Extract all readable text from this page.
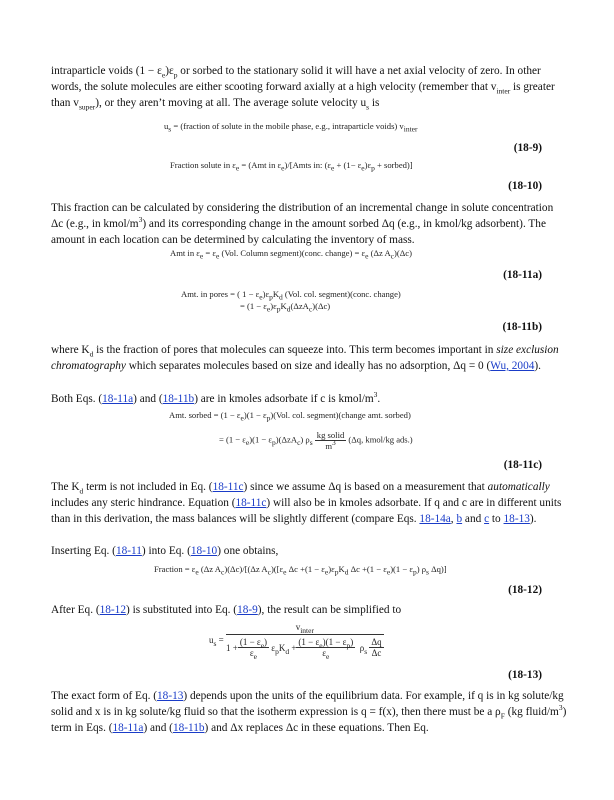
intraparticle voids $(1 - \varepsilon_e)\varepsilon_p$ or sorbed to the stationary solid it will have a net axial velocity of zero. In other words, the solute molecules are either scooting forward axially at a high velocity (remember that $v_{inter}$ is greater than $v_{super}$), or they aren’t moving at all. The average solute velocity $u_s$ is
$u_s$ = (fraction of solute in the mobile phase, e.g., intraparticle voids) $v_{inter}$
(18-9)
Fraction solute in $\varepsilon_e = (Amt$ in $\varepsilon_e)/[Amts$ in: ($\varepsilon_e + (1- \varepsilon_e)\varepsilon_p$ + sorbed)]
(18-10)
This fraction can be calculated by considering the distribution of an incremental change in solute concentration Δc (e.g., in kmol/$m^3$) and its corresponding change in the amount sorbed Δq (e.g., in kmol/kg adsorbent). The amount in each location can be determined by calculating the inventory of mass.
Amt in $\varepsilon_e = \varepsilon_e$ (Vol. Column segment)(conc. change) = $\varepsilon_e$ (Δz $A_c)(\Delta c)$
(18-11a)
Amt. in pores = ( $1 - \varepsilon_e)\varepsilon_pK_d$ (Vol. col. segment)(conc. change)
= $(1 - \varepsilon_e)\varepsilon_pK_d(\Delta zA_c)(\Delta c)$
(18-11b)
where $K_d$ is the fraction of pores that molecules can squeeze into. This term becomes important in size exclusion chromatography which separates molecules based on size and ideally has no adsorption, Δq = 0 (Wu, 2004).
Both Eqs. (18-11a) and (18-11b) are in kmoles adsorbate if c is kmol/$m^3$.
Amt. sorbed = $(1 - \varepsilon_e)(1 - \varepsilon_p)(Vol$. col. segment)(change amt. sorbed)
= $(1 - \varepsilon_e)(1 - \varepsilon_p)(\Delta zA_c)$ $\rho_s \frac{\text{kg solid}}{m^3} (\Delta q$, kmol/kg ads.)
(18-11c)
The $K_d$ term is not included in Eq. (18-11c) since we assume Δq is based on a measurement that automatically includes any steric hindrance. Equation (18-11c) will also be in kmoles adsorbate. If q and c are in different units than in this derivation, the mass balances will be slightly different (compare Eqs. 18-14a, b and c to 18-13).
Inserting Eq. (18-11) into Eq. (18-10) one obtains,
Fraction = $\varepsilon_e$ (Δz $A_c)(\Delta c)/[(\Delta z$ $A_c)([\varepsilon_e$ $\Delta c +(1 - \varepsilon_e)\varepsilon_pK_d$ $\Delta c +(1 - \varepsilon_e)(1 - \varepsilon_p)$ $\rho_s$ Δq)]
(18-12)
After Eq. (18-12) is substituted into Eq. (18-9), the result can be simplified to
$u_s = \frac{v_{inter}}{1 + \frac{(1 - \varepsilon_e)}{\varepsilon_e} \varepsilon_pK_d + \frac{(1 - \varepsilon_e)(1 - \varepsilon_p)}{\varepsilon_e} \rho_s \frac{\Delta q}{\Delta c}}$
(18-13)
The exact form of Eq. (18-13) depends upon the units of the equilibrium data. For example, if q is in kg solute/kg solid and x is in kg solute/kg fluid so that the isotherm expression is q = f(x), then there must be a $\rho_F$ (kg fluid/$m^3$) term in Eqs. (18-11a) and (18-11b) and Δx replaces Δc in these equations. Then Eq.
